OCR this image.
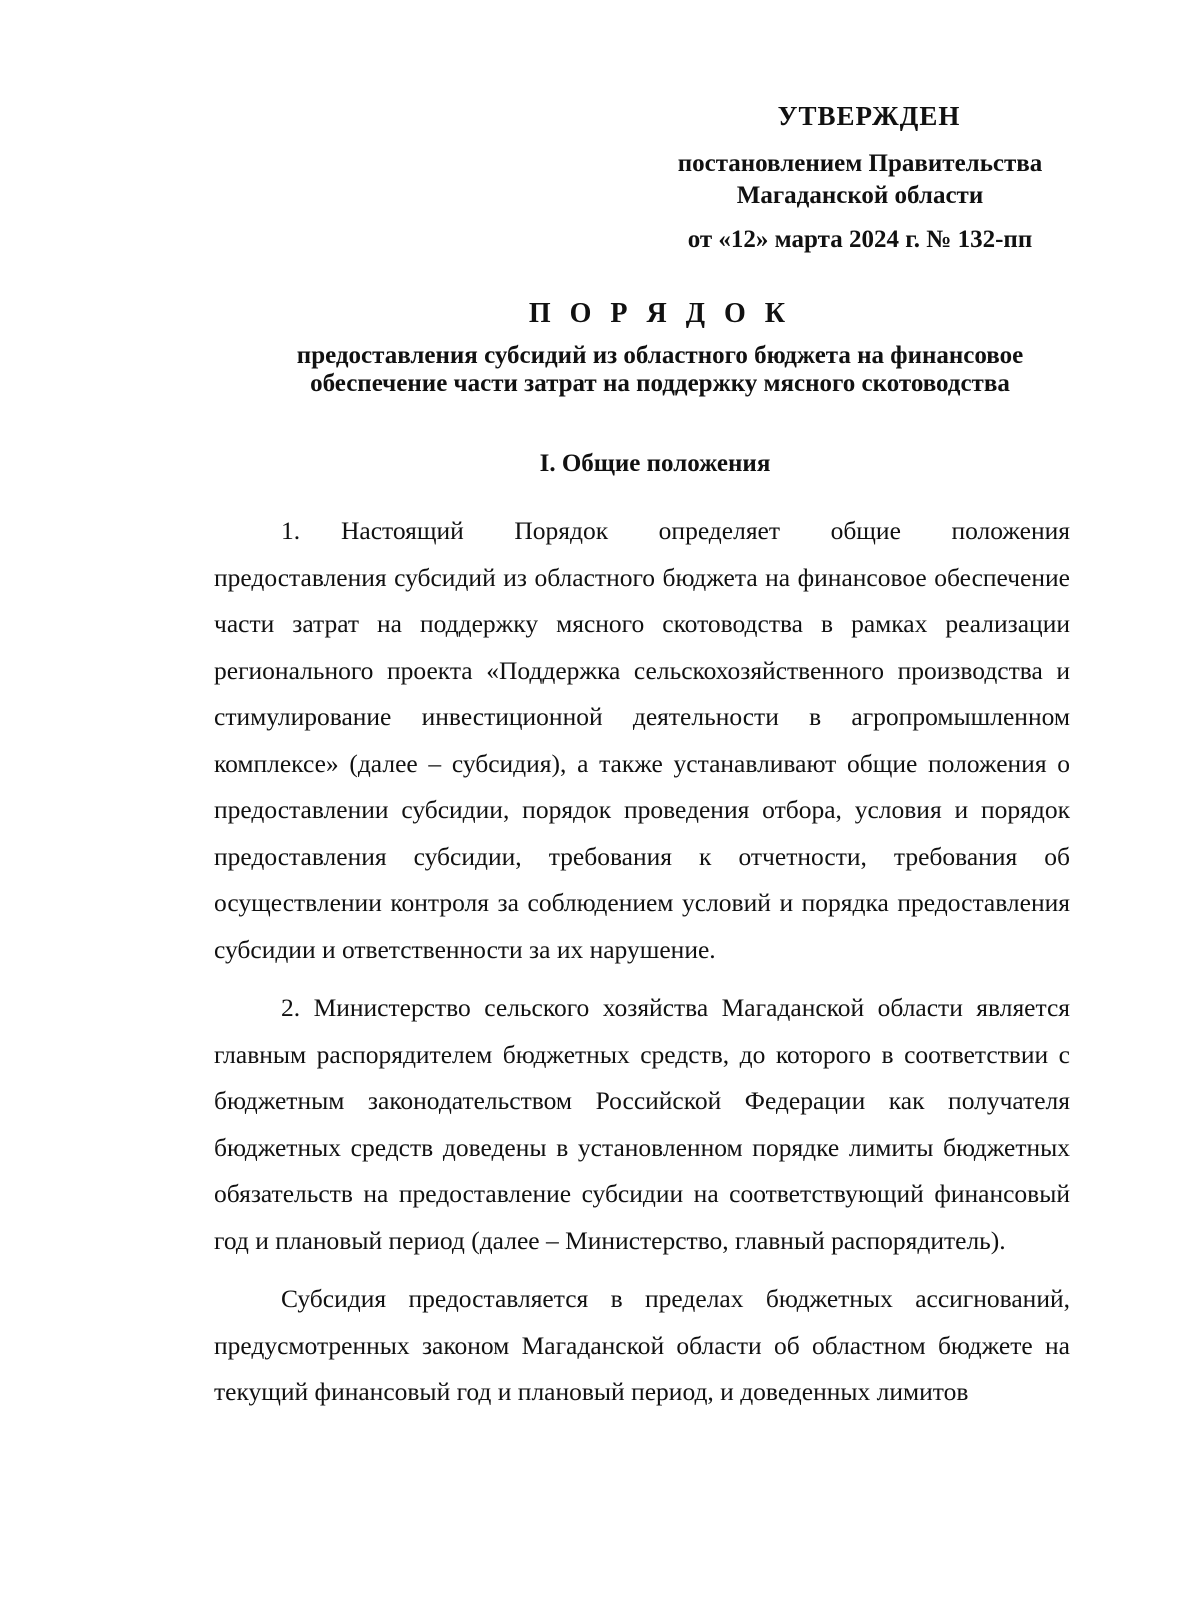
УТВЕРЖДЕН
постановлением Правительства
Магаданской области
от «12» марта 2024 г. № 132-пп
П О Р Я Д О К
предоставления субсидий из областного бюджета на финансовое
обеспечение части затрат на поддержку мясного скотоводства
I. Общие положения

1. Настоящий Порядок определяет общие положения предоставления субсидий из областного бюджета на финансовое обеспечение части затрат на поддержку мясного скотоводства в рамках реализации регионального проекта «Поддержка сельскохозяйственного производства и стимулирование инвестиционной деятельности в агропромышленном комплексе» (далее – субсидия), а также устанавливают общие положения о предоставлении субсидии, порядок проведения отбора, условия и порядок предоставления субсидии, требования к отчетности, требования об осуществлении контроля за соблюдением условий и порядка предоставления субсидии и ответственности за их нарушение.

2. Министерство сельского хозяйства Магаданской области является главным распорядителем бюджетных средств, до которого в соответствии с бюджетным законодательством Российской Федерации как получателя бюджетных средств доведены в установленном порядке лимиты бюджетных обязательств на предоставление субсидии на соответствующий финансовый год и плановый период (далее – Министерство, главный распорядитель).

Субсидия предоставляется в пределах бюджетных ассигнований, предусмотренных законом Магаданской области об областном бюджете на текущий финансовый год и плановый период, и доведенных лимитов
